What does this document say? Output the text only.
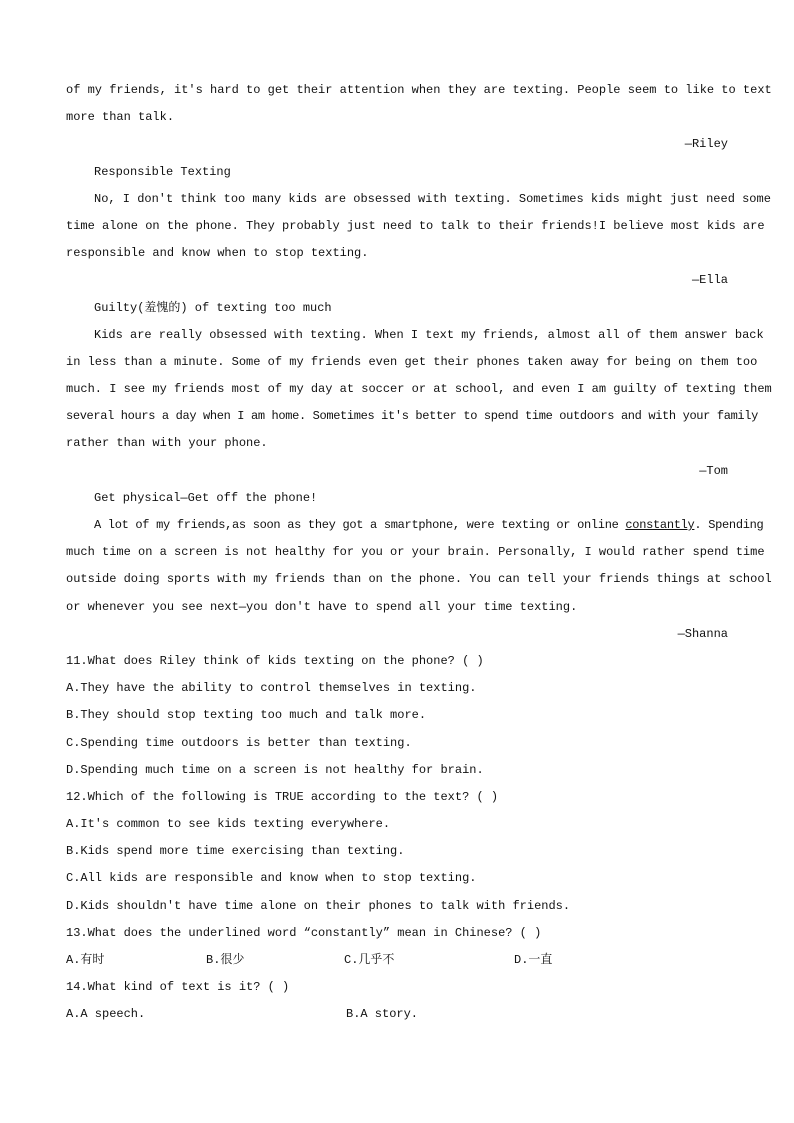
of my friends, it's hard to get their attention when they are texting. People seem to like to text
more than talk.
—Riley
Responsible Texting
No, I don't think too many kids are obsessed with texting. Sometimes kids might just need some
time alone on the phone. They probably just need to talk to their friends!I believe most kids are
responsible and know when to stop texting.
—Ella
Guilty(羞愧的) of texting too much
Kids are really obsessed with texting. When I text my friends, almost all of them answer back
in less than a minute. Some of my friends even get their phones taken away for being on them too
much. I see my friends most of my day at soccer or at school, and even I am guilty of texting them
several hours a day when I am home. Sometimes it's better to spend time outdoors and with your family
rather than with your phone.
—Tom
Get physical—Get off the phone!
A lot of my friends,as soon as they got a smartphone, were texting or online constantly. Spending
much time on a screen is not healthy for you or your brain. Personally, I would rather spend time
outside doing sports with my friends than on the phone. You can tell your friends things at school
or whenever you see next—you don't have to spend all your time texting.
—Shanna
11.What does Riley think of kids texting on the phone? ( )
A.They have the ability to control themselves in texting.
B.They should stop texting too much and talk more.
C.Spending time outdoors is better than texting.
D.Spending much time on a screen is not healthy for brain.
12.Which of the following is TRUE according to the text? ( )
A.It's common to see kids texting everywhere.
B.Kids spend more time exercising than texting.
C.All kids are responsible and know when to stop texting.
D.Kids shouldn't have time alone on their phones to talk with friends.
13.What does the underlined word “constantly” mean in Chinese? ( )
A.有时	B.很少	C.几乎不	D.一直
14.What kind of text is it? ( )
A.A speech.	B.A story.
